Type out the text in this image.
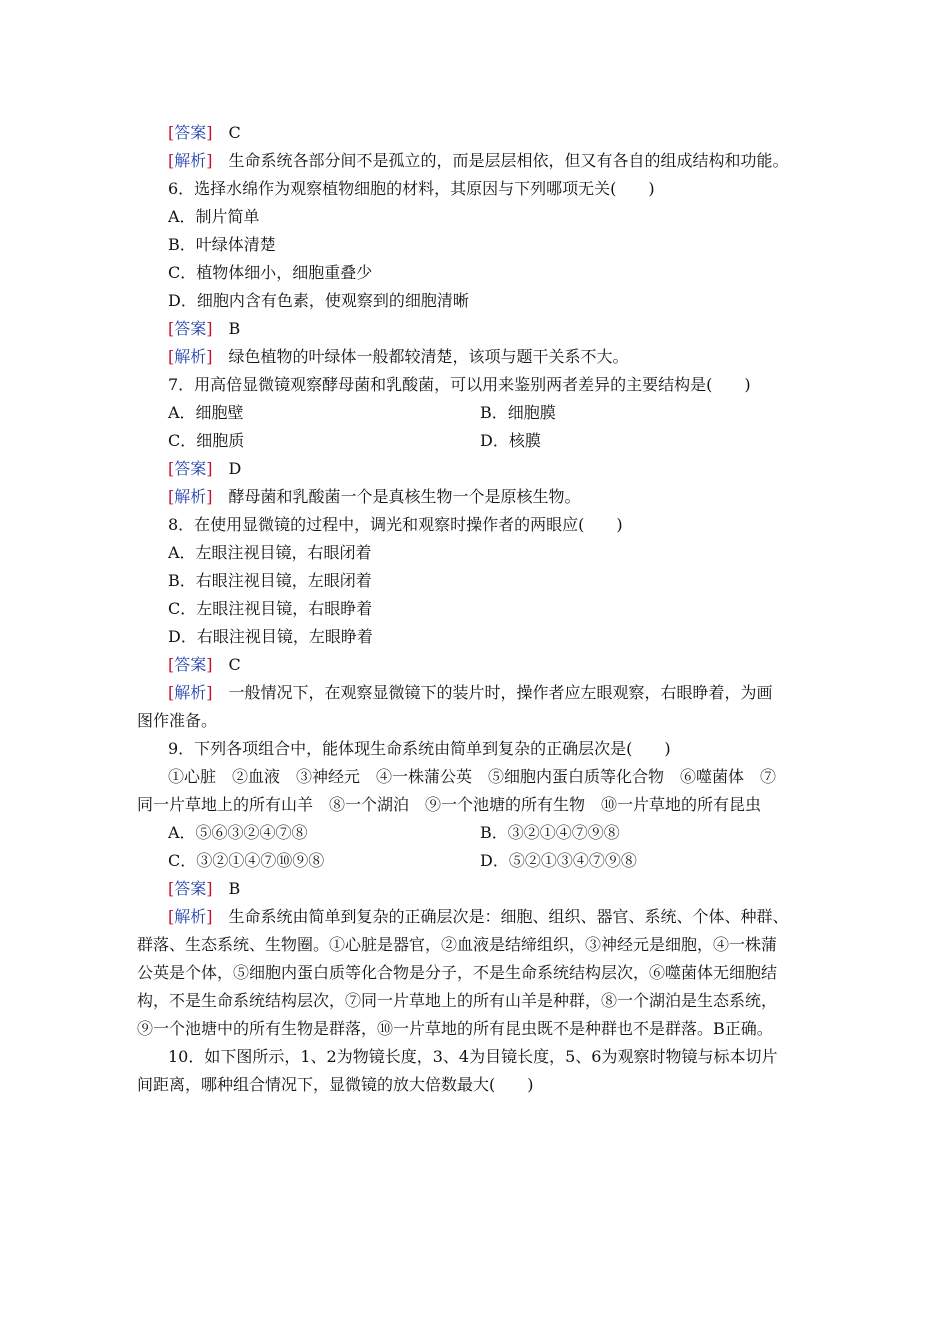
[答案]　 C
[解析]　 生命系统各部分间不是孤立的，而是层层相依，但又有各自的组成结构和功能。
6．选择水绵作为观察植物细胞的材料，其原因与下列哪项无关(　　)
A．制片简单
B．叶绿体清楚
C．植物体细小，细胞重叠少
D．细胞内含有色素，使观察到的细胞清晰
[答案]　 B
[解析]　 绿色植物的叶绿体一般都较清楚，该项与题干关系不大。
7．用高倍显微镜观察酵母菌和乳酸菌，可以用来鉴别两者差异的主要结构是(　　)
A．细胞壁	B．细胞膜
C．细胞质	D．核膜
[答案]　 D
[解析]　 酵母菌和乳酸菌一个是真核生物一个是原核生物。
8．在使用显微镜的过程中，调光和观察时操作者的两眼应(　　)
A．左眼注视目镜，右眼闭着
B．右眼注视目镜，左眼闭着
C．左眼注视目镜，右眼睁着
D．右眼注视目镜，左眼睁着
[答案]　 C
[解析]　 一般情况下，在观察显微镜下的装片时，操作者应左眼观察，右眼睁着，为画
图作准备。
9．下列各项组合中，能体现生命系统由简单到复杂的正确层次是(　　)
①心脏　②血液　③神经元　④一株蒲公英　⑤细胞内蛋白质等化合物　⑥噬菌体　⑦
同一片草地上的所有山羊　⑧一个湖泊　⑨一个池塘的所有生物　⑩一片草地的所有昆虫
A．⑤⑥③②④⑦⑧	B．③②①④⑦⑨⑧
C．③②①④⑦⑩⑨⑧	D．⑤②①③④⑦⑨⑧
[答案]　 B
[解析]　 生命系统由简单到复杂的正确层次是：细胞、组织、器官、系统、个体、种群、
群落、生态系统、生物圈。①心脏是器官，②血液是结缔组织，③神经元是细胞，④一株蒲
公英是个体，⑤细胞内蛋白质等化合物是分子，不是生命系统结构层次，⑥噬菌体无细胞结
构，不是生命系统结构层次，⑦同一片草地上的所有山羊是种群，⑧一个湖泊是生态系统，
⑨一个池塘中的所有生物是群落，⑩一片草地的所有昆虫既不是种群也不是群落。B正确。
10．如下图所示，1、2为物镜长度，3、4为目镜长度，5、6为观察时物镜与标本切片
间距离，哪种组合情况下，显微镜的放大倍数最大(　　)
